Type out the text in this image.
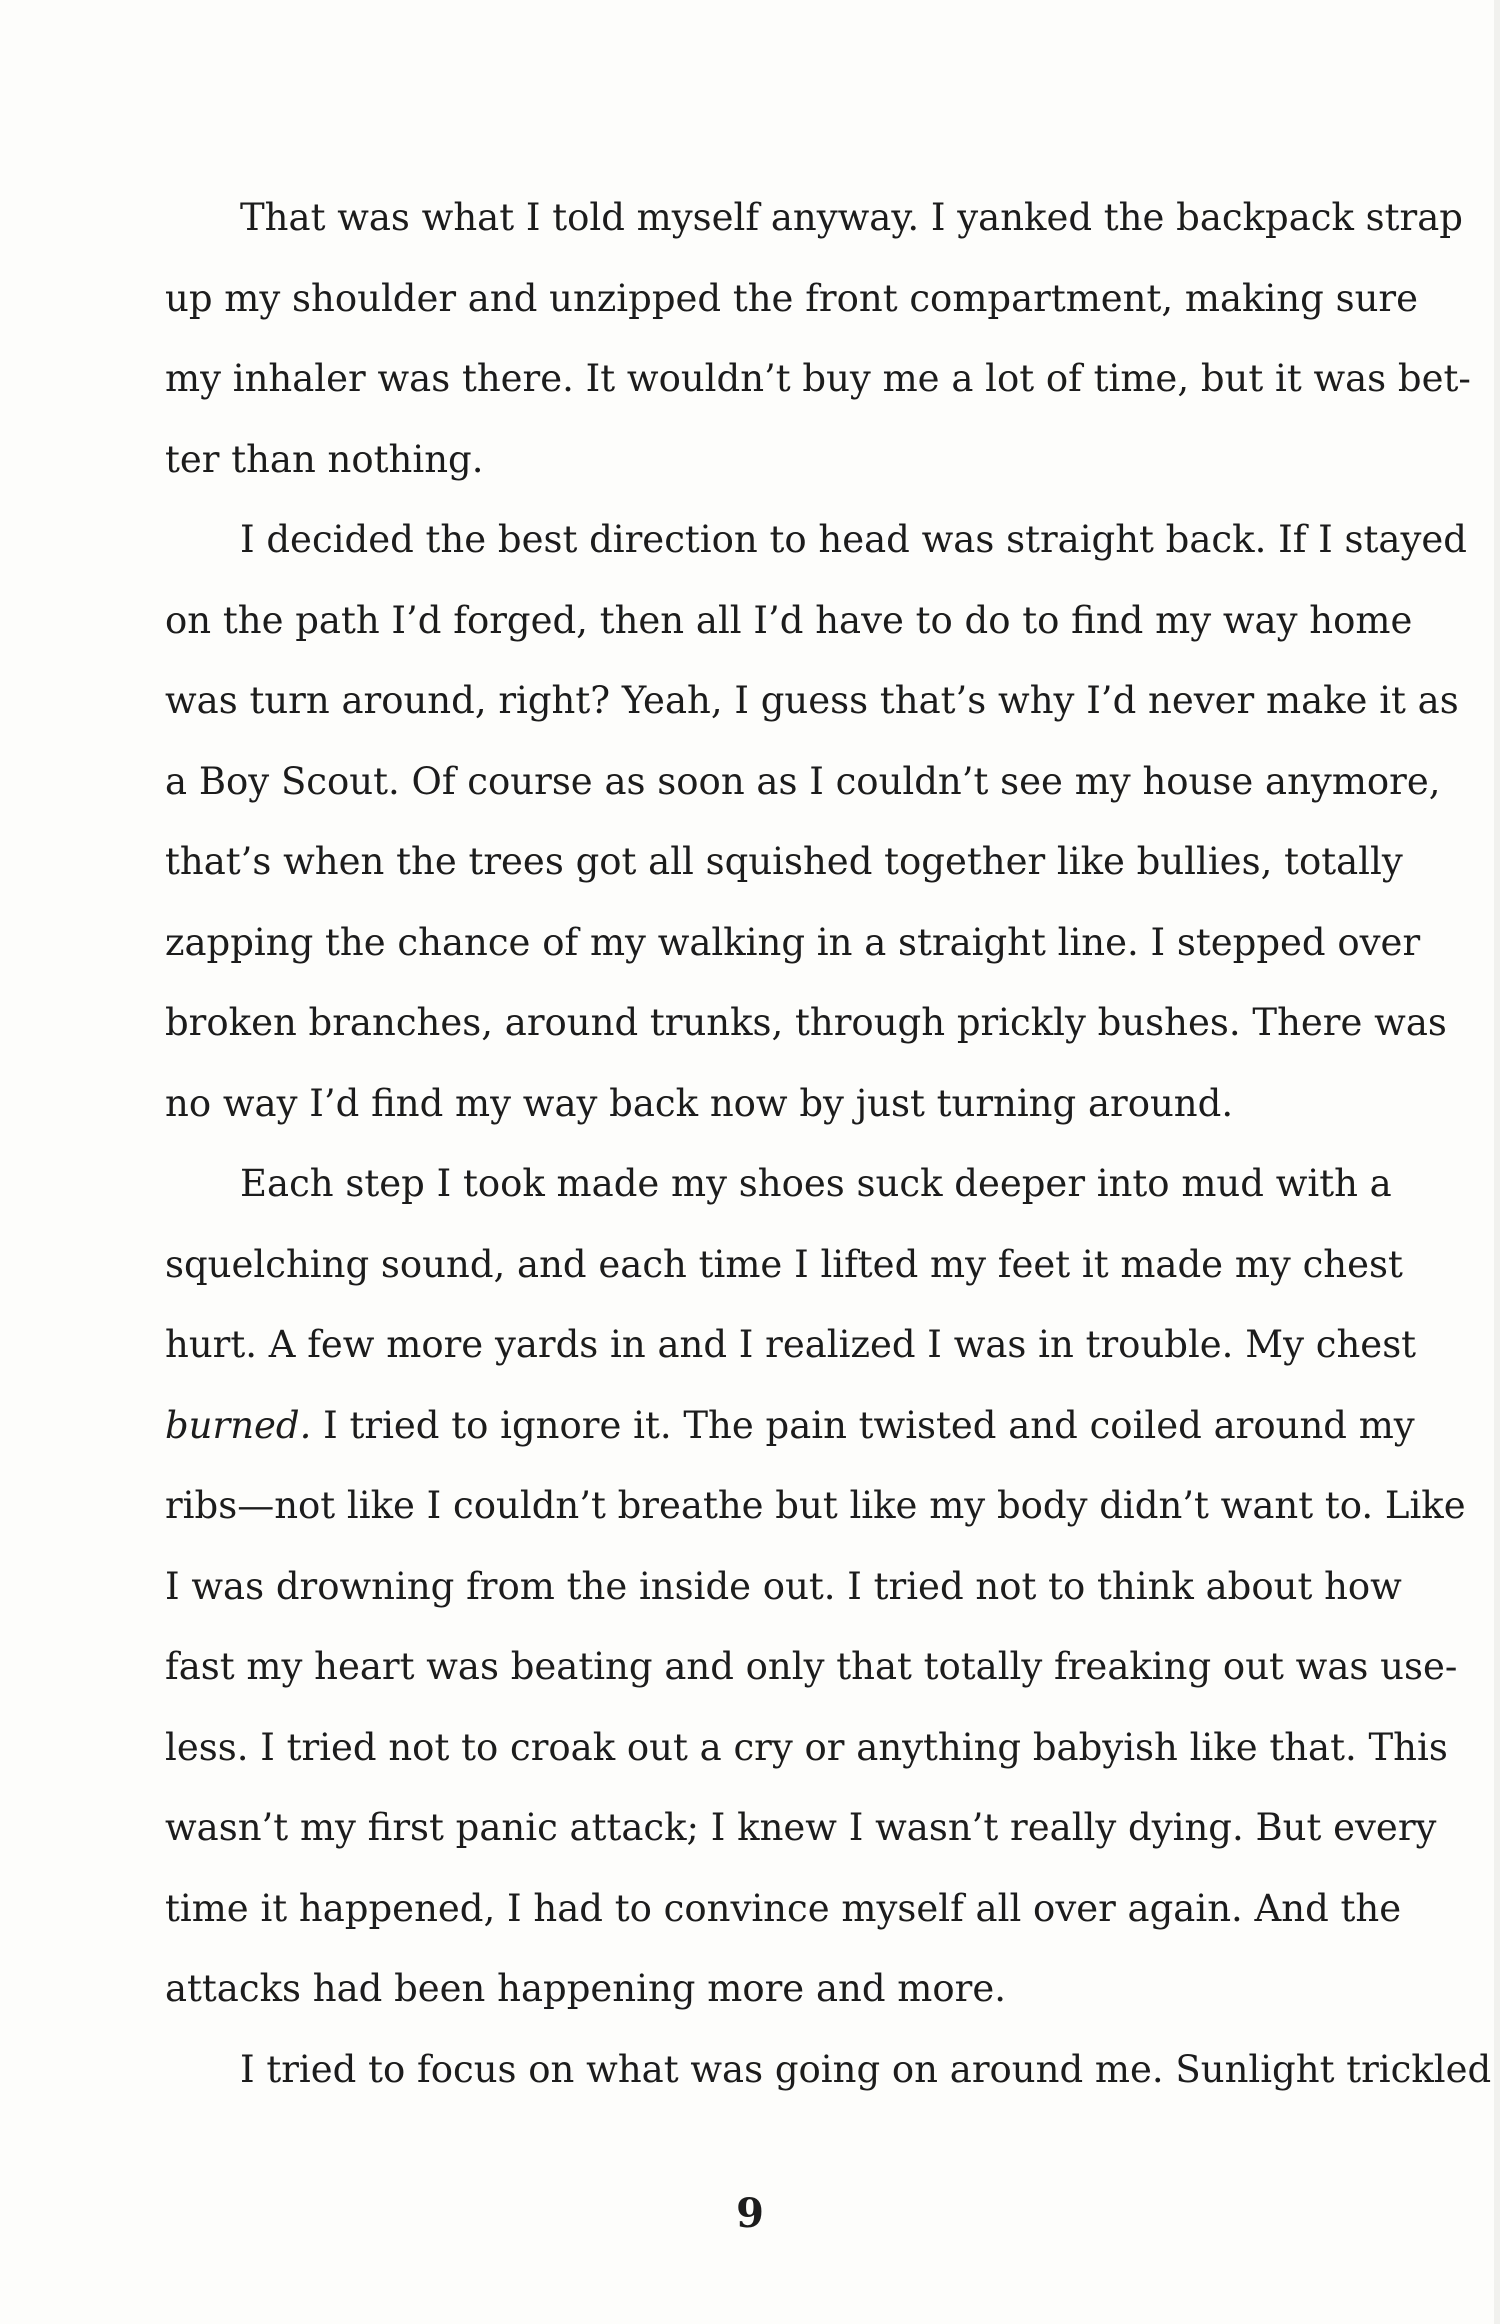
That was what I told myself anyway. I yanked the backpack strap
up my shoulder and unzipped the front compartment, making sure
my inhaler was there. It wouldn’t buy me a lot of time, but it was bet-
ter than nothing.
I decided the best direction to head was straight back. If I stayed
on the path I’d forged, then all I’d have to do to find my way home
was turn around, right? Yeah, I guess that’s why I’d never make it as
a Boy Scout. Of course as soon as I couldn’t see my house anymore,
that’s when the trees got all squished together like bullies, totally
zapping the chance of my walking in a straight line. I stepped over
broken branches, around trunks, through prickly bushes. There was
no way I’d find my way back now by just turning around.
Each step I took made my shoes suck deeper into mud with a
squelching sound, and each time I lifted my feet it made my chest
hurt. A few more yards in and I realized I was in trouble. My chest
burned. I tried to ignore it. The pain twisted and coiled around my
ribs—not like I couldn’t breathe but like my body didn’t want to. Like
I was drowning from the inside out. I tried not to think about how
fast my heart was beating and only that totally freaking out was use-
less. I tried not to croak out a cry or anything babyish like that. This
wasn’t my first panic attack; I knew I wasn’t really dying. But every
time it happened, I had to convince myself all over again. And the
attacks had been happening more and more.
I tried to focus on what was going on around me. Sunlight trickled
9
